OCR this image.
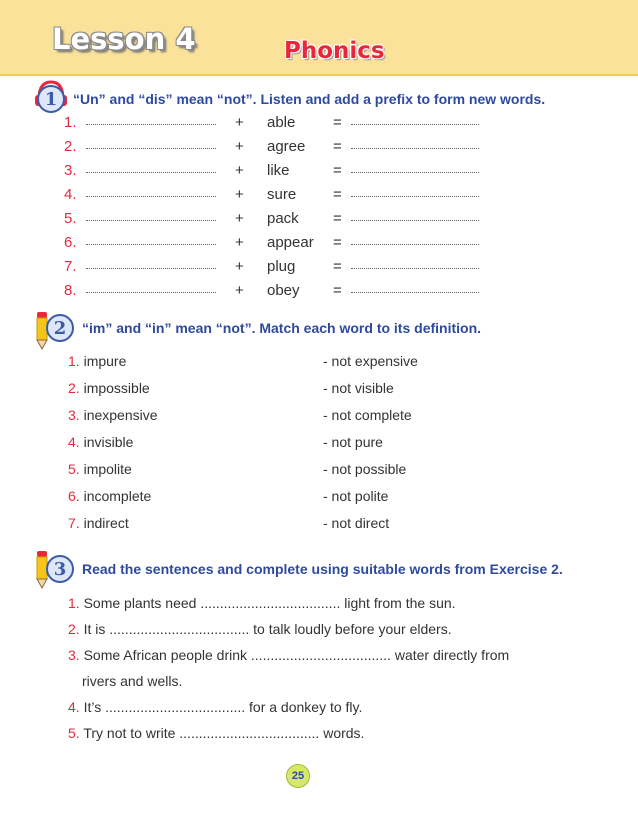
Lesson 4	Phonics
1	“Un” and “dis” mean “not”. Listen and add a prefix to form new words.
1.	+ able	=
2.	+ agree =
3.	+ like	=
4.	+ sure =
5.	+ pack =
6.	+ appear =
7.	+ plug	=
8.	+ obey =
2	“im” and “in” mean “not”. Match each word to its definition.
1. impure	- not expensive
2. impossible	- not visible
3. inexpensive	- not complete
4. invisible	- not pure
5. impolite	- not possible
6. incomplete	- not polite
7. indirect	- not direct
3	Read the sentences and complete using suitable words from Exercise 2.
1. Some plants need .................................... light from the sun.
2. It is .................................... to talk loudly before your elders.
3. Some African people drink .................................... water directly from
rivers and wells.
4. It’s .................................... for a donkey to fly.
5. Try not to write .................................... words.
25
